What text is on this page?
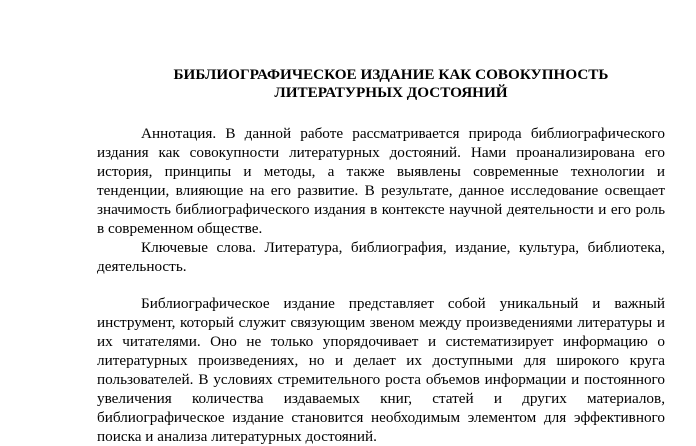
БИБЛИОГРАФИЧЕСКОЕ ИЗДАНИЕ КАК СОВОКУПНОСТЬ
ЛИТЕРАТУРНЫХ ДОСТОЯНИЙ

Аннотация. В данной работе рассматривается природа библиографического издания как совокупности литературных достояний. Нами проанализирована его история, принципы и методы, а также выявлены современные технологии и тенденции, влияющие на его развитие. В результате, данное исследование освещает значимость библиографического издания в контексте научной деятельности и его роль в современном обществе.

Ключевые слова. Литература, библиография, издание, культура, библиотека, деятельность.

Библиографическое издание представляет собой уникальный и важный инструмент, который служит связующим звеном между произведениями литературы и их читателями. Оно не только упорядочивает и систематизирует информацию о литературных произведениях, но и делает их доступными для широкого круга пользователей. В условиях стремительного роста объемов информации и постоянного увеличения количества издаваемых книг, статей и других материалов, библиографическое издание становится необходимым элементом для эффективного поиска и анализа литературных достояний.
